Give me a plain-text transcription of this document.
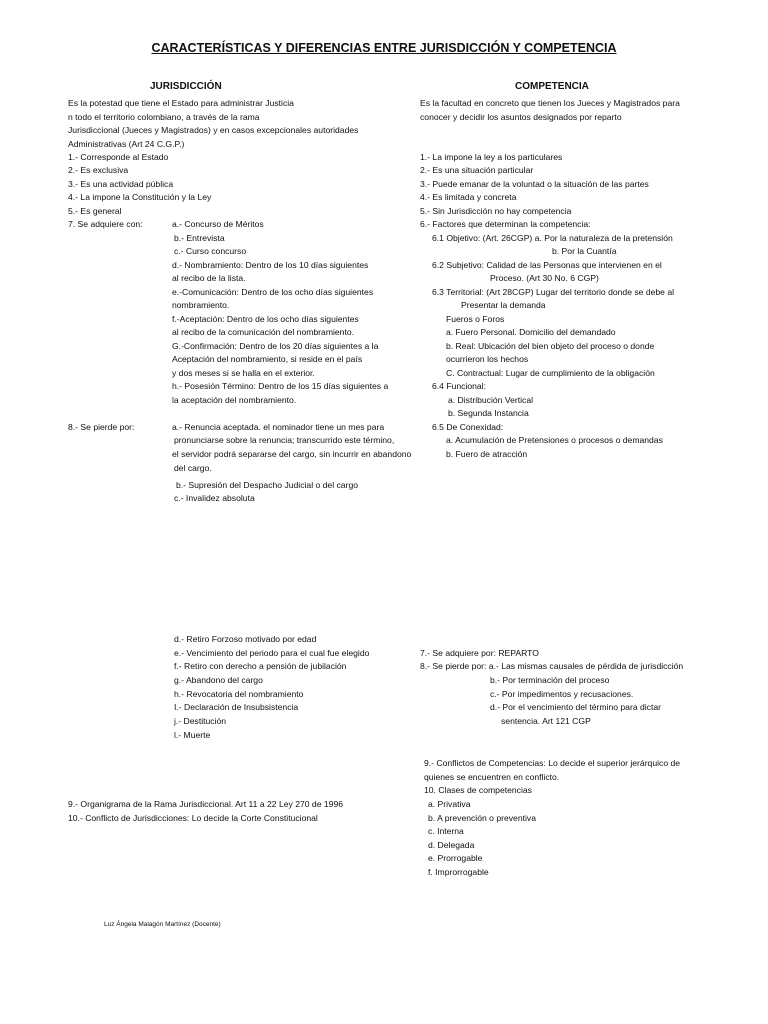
CARACTERÍSTICAS Y DIFERENCIAS ENTRE JURISDICCIÓN Y COMPETENCIA
JURISDICCIÓN	COMPETENCIA
Es la potestad que tiene el Estado para administrar Justicia
n todo el territorio colombiano, a través de la rama
Jurisdiccional (Jueces y Magistrados) y en casos excepcionales autoridades
Administrativas (Art 24 C.G.P.)
1.- Corresponde al Estado
2.- Es exclusiva
3.- Es una actividad pública
4.- La impone la Constitución y la Ley
5.- Es general
7. Se adquiere con:	a.- Concurso de Méritos
b.- Entrevista
c.- Curso concurso
d.- Nombramiento: Dentro de los 10 días siguientes
al recibo de la lista.
e.-Comunicación: Dentro de los ocho días siguientes
nombramiento.
f.-Aceptación: Dentro de los ocho días siguientes
al recibo de la comunicación del nombramiento.
G.-Confirmación: Dentro de los 20 días siguientes a la
Aceptación del nombramiento, si reside en el país
y dos meses si se halla en el exterior.
h.- Posesión Término: Dentro de los 15 días siguientes a
la aceptación del nombramiento.
8.- Se pierde por:	a.- Renuncia aceptada. el nominador tiene un mes para
pronunciarse sobre la renuncia; transcurrido este término,
el servidor podrá separarse del cargo, sin incurrir en abandono
del cargo.
b.- Supresión del Despacho Judicial o del cargo
c.- Invalidez absoluta
d.- Retiro Forzoso motivado por edad
e.- Vencimiento del periodo para el cual fue elegido
f.- Retiro con derecho a pensión de jubilación
g.- Abandono del cargo
h.- Revocatoria del nombramiento
I.- Declaración de Insubsistencia
j.- Destitución
l.- Muerte
9.- Organigrama de la Rama Jurisdiccional. Art 11 a 22 Ley 270 de 1996
10.- Conflicto de Jurisdicciones: Lo decide la Corte Constitucional
Es la facultad en concreto que tienen los Jueces y Magistrados para
conocer y decidir los asuntos designados por reparto
1.- La impone la ley a los particulares
2.- Es una situación particular
3.- Puede emanar de la voluntad o la situación de las partes
4.- Es limitada y concreta
5.- Sin Jurisdicción no hay competencia
6.- Factores que determinan la competencia:
6.1 Objetivo: (Art. 26CGP) a. Por la naturaleza de la pretensión
b. Por la Cuantía
6.2 Subjetivo: Calidad de las Personas que intervienen en el
Proceso. (Art 30 No. 6 CGP)
6.3 Territorial: (Art 28CGP) Lugar del territorio donde se debe al
Presentar la demanda
Fueros o Foros
a. Fuero Personal. Domicilio del demandado
b. Real: Ubicación del bien objeto del proceso o donde
ocurrieron los hechos
C. Contractual: Lugar de cumplimiento de la obligación
6.4 Funcional:
a. Distribución Vertical
b. Segunda Instancia
6.5 De Conexidad:
a. Acumulación de Pretensiones o procesos o demandas
b. Fuero de atracción
7.- Se adquiere por: REPARTO
8.- Se pierde por: a.- Las mismas causales de pérdida de jurisdicción
b.- Por terminación del proceso
c.- Por impedimentos y recusaciones.
d.- Por el vencimiento del término para dictar
sentencia. Art 121 CGP
9.- Conflictos de Competencias: Lo decide el superior jerárquico de
quienes se encuentren en conflicto.
10. Clases de competencias
a. Privativa
b. A prevención o preventiva
c. Interna
d. Delegada
e. Prorrogable
f. Improrrogable
Luz Ángela Malagón Martínez (Docente)
